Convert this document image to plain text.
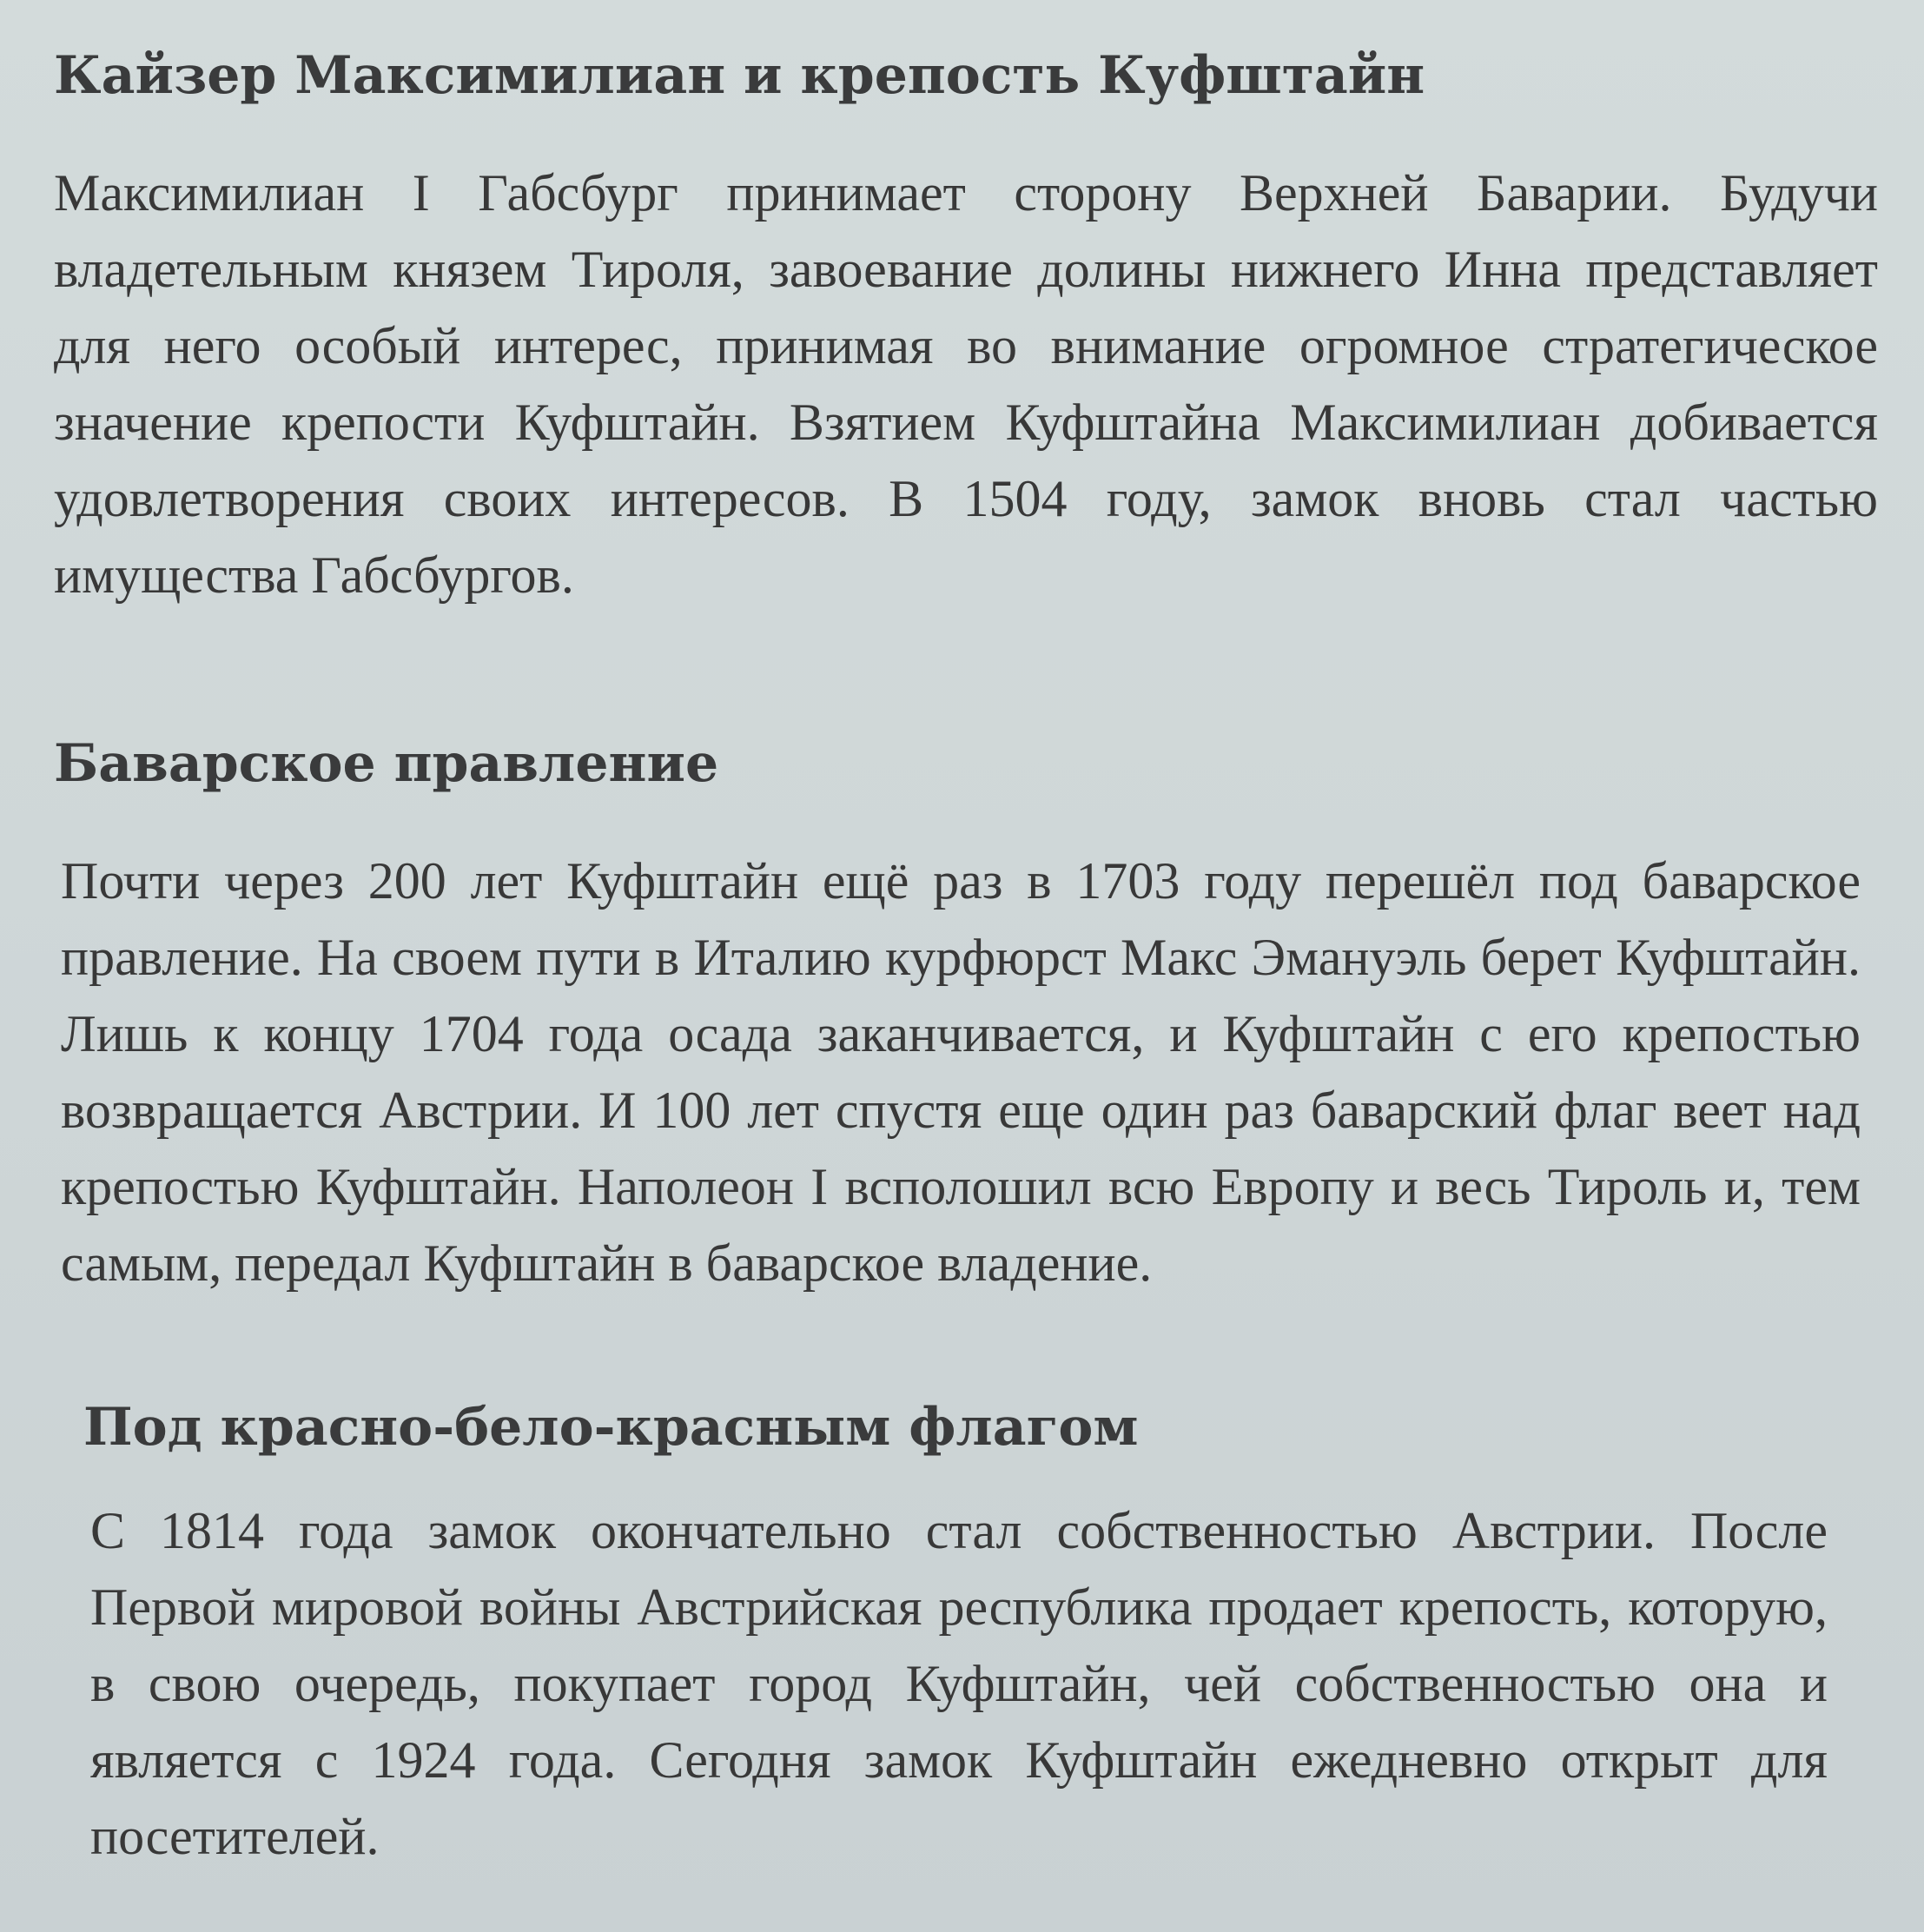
Кайзер Максимилиан и крепость Куфштайн

Максимилиан I Габсбург принимает сторону Верхней Баварии. Будучи владетельным князем Тироля, завоевание долины нижнего Инна представляет для него особый интерес, принимая во внимание огромное стратегическое значение крепости Куфштайн. Взятием Куфштайна Максимилиан добивается удовлетворения своих интересов. В 1504 году, замок вновь стал частью имущества Габсбургов.

Баварское правление

Почти через 200 лет Куфштайн ещё раз в 1703 году перешёл под баварское правление. На своем пути в Италию курфюрст Макс Эмануэль берет Куфштайн. Лишь к концу 1704 года осада заканчивается, и Куфштайн с его крепостью возвращается Австрии. И 100 лет спустя еще один раз баварский флаг веет над крепостью Куфштайн. Наполеон I всполошил всю Европу и весь Тироль и, тем самым, передал Куфштайн в баварское владение.

Под красно-бело-красным флагом

С 1814 года замок окончательно стал собственностью Австрии. После Первой мировой войны Австрийская республика продает крепость, которую, в свою очередь, покупает город Куфштайн, чей собственностью она и является с 1924 года. Сегодня замок Куфштайн ежедневно открыт для посетителей.
